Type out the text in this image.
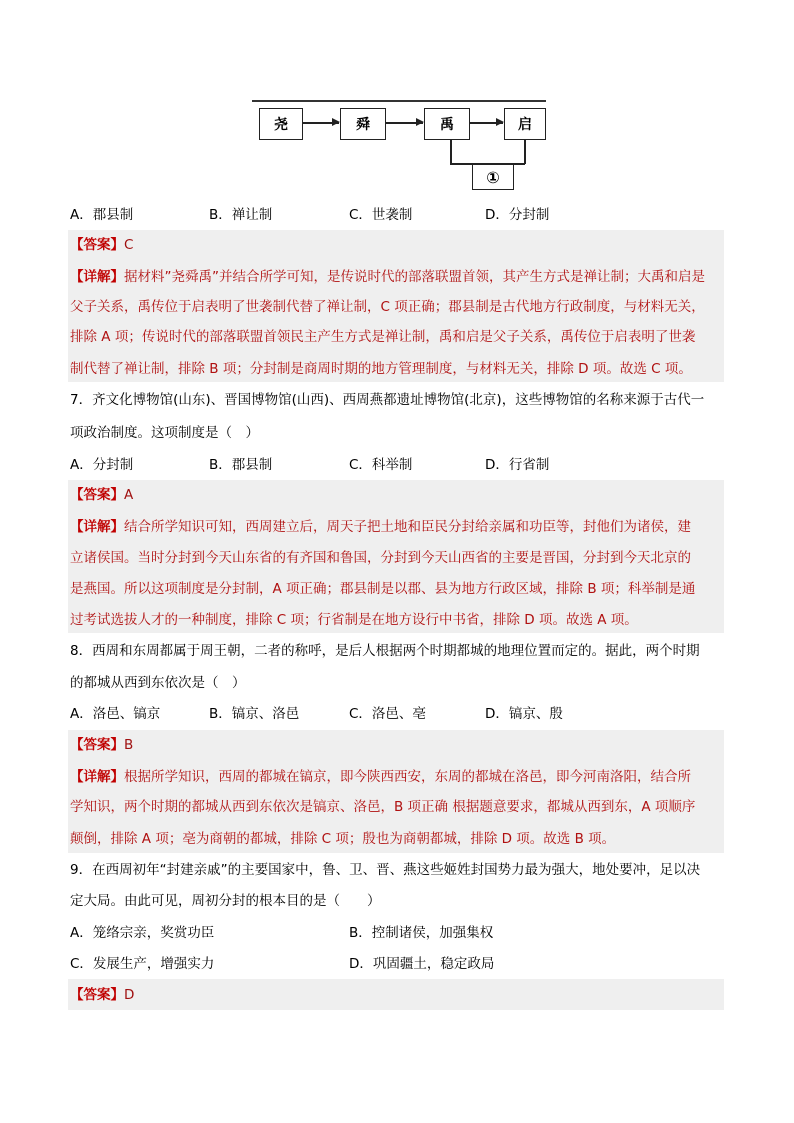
尧	舜	禹	启
①
A．郡县制	B．禅让制	C．世袭制	D．分封制
【答案】C
【详解】据材料”尧舜禹”并结合所学可知，是传说时代的部落联盟首领，其产生方式是禅让制；大禹和启是
父子关系，禹传位于启表明了世袭制代替了禅让制，C 项正确；郡县制是古代地方行政制度，与材料无关，
排除 A 项；传说时代的部落联盟首领民主产生方式是禅让制，禹和启是父子关系，禹传位于启表明了世袭
制代替了禅让制，排除 B 项；分封制是商周时期的地方管理制度，与材料无关，排除 D 项。故选 C 项。
7．齐文化博物馆(山东)、晋国博物馆(山西)、西周燕都遗址博物馆(北京)，这些博物馆的名称来源于古代一
项政治制度。这项制度是（　）
A．分封制	B．郡县制	C．科举制	D．行省制
【答案】A
【详解】结合所学知识可知，西周建立后，周天子把土地和臣民分封给亲属和功臣等，封他们为诸侯，建
立诸侯国。当时分封到今天山东省的有齐国和鲁国，分封到今天山西省的主要是晋国，分封到今天北京的
是燕国。所以这项制度是分封制，A 项正确；郡县制是以郡、县为地方行政区域，排除 B 项；科举制是通
过考试选拔人才的一种制度，排除 C 项；行省制是在地方设行中书省，排除 D 项。故选 A 项。
8．西周和东周都属于周王朝，二者的称呼，是后人根据两个时期都城的地理位置而定的。据此，两个时期
的都城从西到东依次是（　）
A．洛邑、镐京	B．镐京、洛邑	C．洛邑、亳	D．镐京、殷
【答案】B
【详解】根据所学知识，西周的都城在镐京，即今陕西西安，东周的都城在洛邑，即今河南洛阳，结合所
学知识，两个时期的都城从西到东依次是镐京、洛邑，B 项正确 根据题意要求，都城从西到东，A 项顺序
颠倒，排除 A 项；亳为商朝的都城，排除 C 项；殷也为商朝都城，排除 D 项。故选 B 项。
9．在西周初年“封建亲戚”的主要国家中，鲁、卫、晋、燕这些姬姓封国势力最为强大，地处要冲，足以决
定大局。由此可见，周初分封的根本目的是（　　）
A．笼络宗亲，奖赏功臣	B．控制诸侯，加强集权
C．发展生产，增强实力	D．巩固疆土，稳定政局
【答案】D
